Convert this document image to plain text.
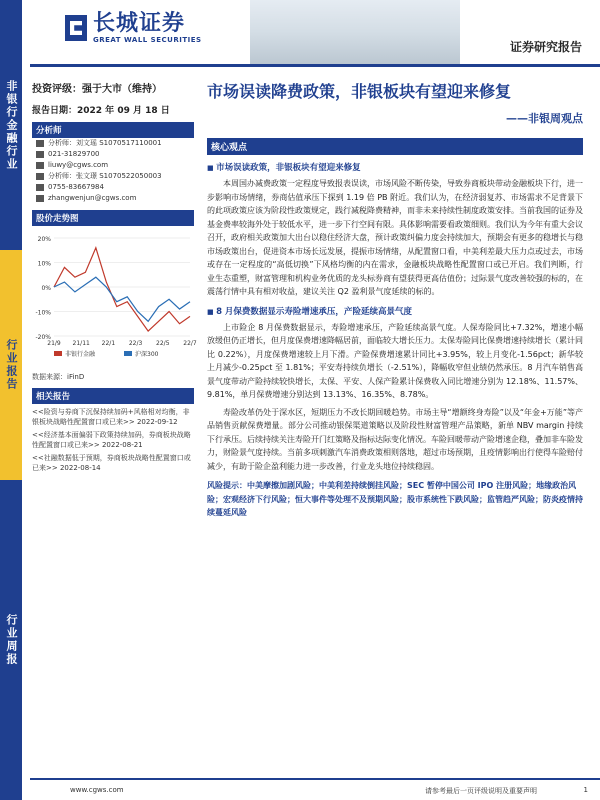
长城证券
GREAT WALL SECURITIES	证券研究报告
非银行金融行业
行业报告
行业周报
投资评级：强于大市（维持）
报告日期：2022 年 09 月 18 日
分析师
分析师：刘文瑶 S1070517110001
021-31829700
liuwy@cgws.com
分析师：张文璟 S1070522050003
0755-83667984
zhangwenjun@cgws.com
股价走势图
20%
10%
0%
-10%
-20%
21/9 21/11 22/1 22/3 22/5 22/7
非银行金融	沪深300
数据来源：iFinD
相关报告
<<险资与券商下沉保持续加码+风格相对均衡，非银板块战略性配置窗口或已来>> 2022-09-12
<<经济基本面偏弱下政策持续加码，券商板块战略性配置窗口或已来>> 2022-08-21
<<社融数据低于预期，券商板块战略性配置窗口或已来>> 2022-08-14
市场误读降费政策，非银板块有望迎来修复
——非银周观点
核心观点
■ 市场误读政策，非银板块有望迎来修复
本周国办减费政策一定程度导致报表误读，市场风险不断传染，导致券商板块带动金融板块下行，进一步影响市场情绪，券商估值承压下探到 1.19 倍 PB 附近。我们认为，在经济弱复苏、市场需求不足背景下的此项政策应该为阶段性政策规定，践行减税降费精神，而非未来持续性制度政策安排。当前我国的证券及基金费率较海外处于较低水平，进一步下行空间有限。具体影响需要看政策细则。我们认为今年有重大会议召开，政府相关政策加大出台以稳住经济大盘，预计政策纠偏力度会持续加大，预期会有更多的稳增长与稳市场政策出台，促进资本市场长远发展，提振市场情绪，从配置窗口看，中美利差最大压力点或过去，市场或存在一定程度的“高低切换”下风格均衡的内在需求，金融板块战略性配置窗口或已开启。我们判断，行业生态重塑，财富管理和机构业务优质的龙头标券商有望获得更高估值份；过际景气度改善较强的标的，在震荡行情中具有相对收益，建议关注 Q2 盈利景气度延续的标的。
■ 8 月保费数据显示寿险增速承压，产险延续高景气度
上市险企 8 月保费数据显示，寿险增速承压，产险延续高景气度。人保寿险同比+7.32%，增速小幅放缓但仍正增长，但月度保费增速降幅居前，面临较大增长压力。太保寿险同比保费增速持续增长（累计同比 0.22%），月度保费增速较上月下滑。产险保费增速累计同比+3.95%，较上月变化-1.56pct；新华较上月减少-0.25pct 至 1.81%；平安寿持续负增长（-2.51%），降幅收窄但业绩仍然承压。8 月汽车销售高景气度带动产险持续较快增长，太保、平安、人保产险累计保费收入同比增速分别为 12.18%、11.57%、9.81%，单月保费增速分别达到 13.13%、16.35%、8.78%。
寿险改革仍处于深水区，短期压力不改长期回暖趋势。市场主导“增额终身寿险”以及“年金+万能”等产品销售贡献保费增量。部分公司推动银保渠道策略以及阶段性财富管理产品策略，新单 NBV margin 持续下行承压。后续持续关注寿险开门红策略及指标达际变化情况。车险回暖带动产险增速企稳，叠加非车险发力，财险景气度持续。当前多项刺激汽车消费政策相则落地，超过市场预期，且疫情影响出行使得车险赔付减少，有助于险企盈利能力进一步改善，行业龙头地位持续稳固。
风险提示：中美摩擦加剧风险；中美利差持续倒挂风险；SEC 暂停中国公司 IPO 注册风险；地缘政治风险；宏观经济下行风险；恒大事件等处理不及预期风险；股市系统性下跌风险；监管趋严风险；防炎疫情持续蔓延风险
www.cgws.com	请参考最后一页评级说明及重要声明	1
